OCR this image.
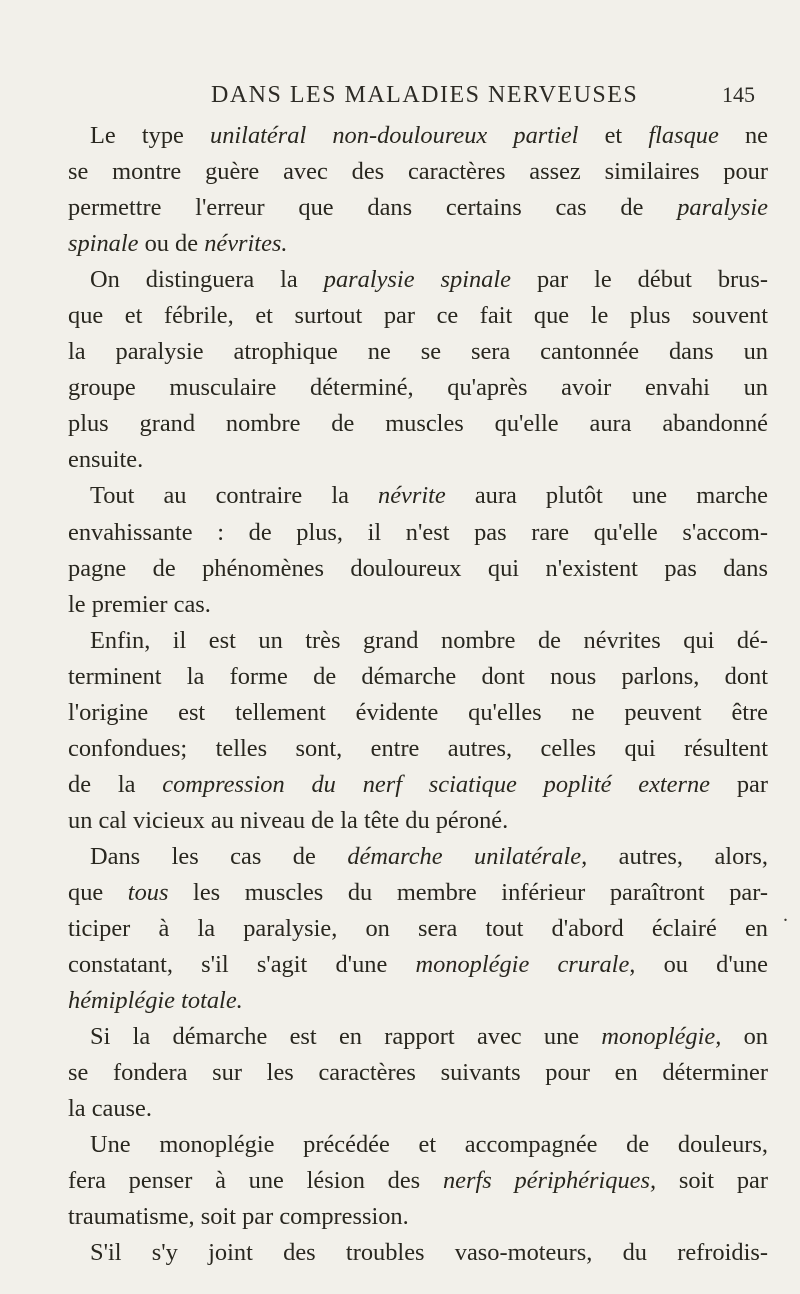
DANS LES MALADIES NERVEUSES	145
Le type unilatéral non-douloureux partiel et flasque ne
se montre guère avec des caractères assez similaires pour
permettre l'erreur que dans certains cas de paralysie
spinale ou de névrites.
On distinguera la paralysie spinale par le début brus-
que et fébrile, et surtout par ce fait que le plus souvent
la paralysie atrophique ne se sera cantonnée dans un
groupe musculaire déterminé, qu'après avoir envahi un
plus grand nombre de muscles qu'elle aura abandonné
ensuite.
Tout au contraire la névrite aura plutôt une marche
envahissante : de plus, il n'est pas rare qu'elle s'accom-
pagne de phénomènes douloureux qui n'existent pas dans
le premier cas.
Enfin, il est un très grand nombre de névrites qui dé-
terminent la forme de démarche dont nous parlons, dont
l'origine est tellement évidente qu'elles ne peuvent être
confondues; telles sont, entre autres, celles qui résultent
de la compression du nerf sciatique poplité externe par
un cal vicieux au niveau de la tête du péroné.
Dans les cas de démarche unilatérale, autres, alors,
que tous les muscles du membre inférieur paraîtront par-
ticiper à la paralysie, on sera tout d'abord éclairé en
constatant, s'il s'agit d'une monoplégie crurale, ou d'une
hémiplégie totale.
Si la démarche est en rapport avec une monoplégie, on
se fondera sur les caractères suivants pour en déterminer
la cause.
Une monoplégie précédée et accompagnée de douleurs,
fera penser à une lésion des nerfs périphériques, soit par
traumatisme, soit par compression.
S'il s'y joint des troubles vaso-moteurs, du refroidis-
.
